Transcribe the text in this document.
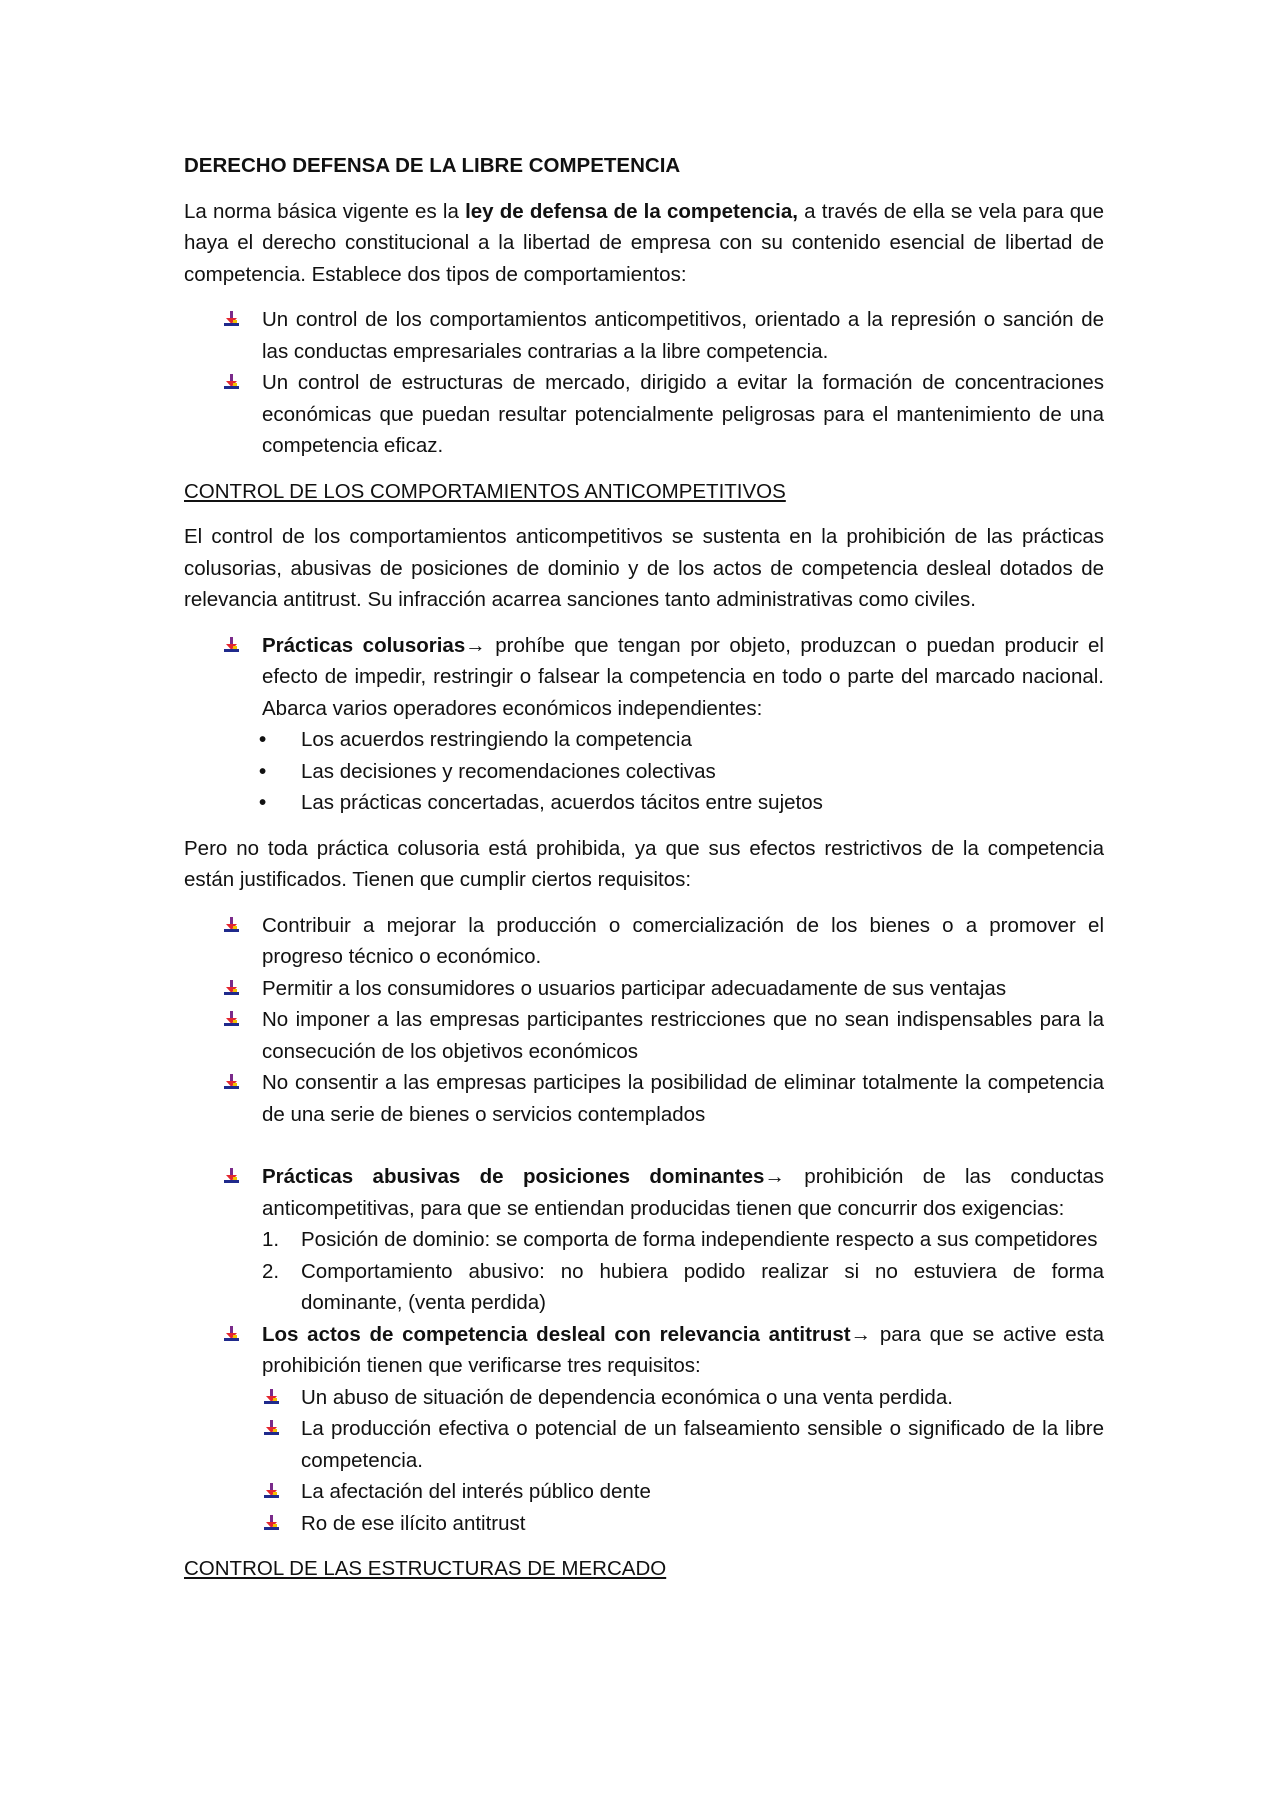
DERECHO DEFENSA DE LA LIBRE COMPETENCIA

La norma básica vigente es la ley de defensa de la competencia, a través de ella se vela para que haya el derecho constitucional a la libertad de empresa con su contenido esencial de libertad de competencia. Establece dos tipos de comportamientos:

Un control de los comportamientos anticompetitivos, orientado a la represión o sanción de las conductas empresariales contrarias a la libre competencia.
Un control de estructuras de mercado, dirigido a evitar la formación de concentraciones económicas que puedan resultar potencialmente peligrosas para el mantenimiento de una competencia eficaz.
CONTROL DE LOS COMPORTAMIENTOS ANTICOMPETITIVOS

El control de los comportamientos anticompetitivos se sustenta en la prohibición de las prácticas colusorias, abusivas de posiciones de dominio y de los actos de competencia desleal dotados de relevancia antitrust. Su infracción acarrea sanciones tanto administrativas como civiles.

Prácticas colusorias→ prohíbe que tengan por objeto, produzcan o puedan producir el efecto de impedir, restringir o falsear la competencia en todo o parte del marcado nacional. Abarca varios operadores económicos independientes:
• Los acuerdos restringiendo la competencia
• Las decisiones y recomendaciones colectivas
• Las prácticas concertadas, acuerdos tácitos entre sujetos

Pero no toda práctica colusoria está prohibida, ya que sus efectos restrictivos de la competencia están justificados. Tienen que cumplir ciertos requisitos:

Contribuir a mejorar la producción o comercialización de los bienes o a promover el progreso técnico o económico.
Permitir a los consumidores o usuarios participar adecuadamente de sus ventajas
No imponer a las empresas participantes restricciones que no sean indispensables para la consecución de los objetivos económicos
No consentir a las empresas participes la posibilidad de eliminar totalmente la competencia de una serie de bienes o servicios contemplados
Prácticas abusivas de posiciones dominantes→ prohibición de las conductas anticompetitivas, para que se entiendan producidas tienen que concurrir dos exigencias:
1. Posición de dominio: se comporta de forma independiente respecto a sus competidores
2. Comportamiento abusivo: no hubiera podido realizar si no estuviera de forma dominante, (venta perdida)
Los actos de competencia desleal con relevancia antitrust→ para que se active esta prohibición tienen que verificarse tres requisitos:
Un abuso de situación de dependencia económica o una venta perdida.
La producción efectiva o potencial de un falseamiento sensible o significado de la libre competencia.
La afectación del interés público dente
Ro de ese ilícito antitrust
CONTROL DE LAS ESTRUCTURAS DE MERCADO
